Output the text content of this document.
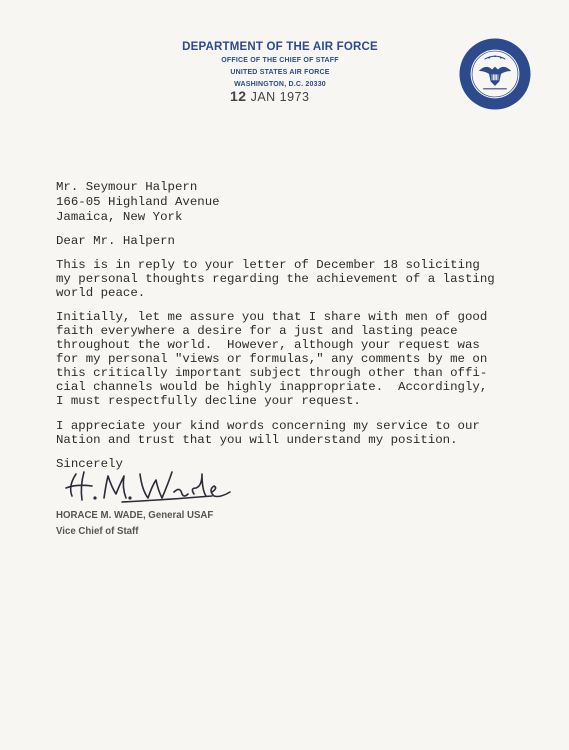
DEPARTMENT OF THE AIR FORCE
OFFICE OF THE CHIEF OF STAFF
UNITED STATES AIR FORCE
WASHINGTON, D.C. 20330
12 JAN 1973
Mr. Seymour Halpern
166-05 Highland Avenue
Jamaica, New York
Dear Mr. Halpern
This is in reply to your letter of December 18 soliciting
my personal thoughts regarding the achievement of a lasting
world peace.
Initially, let me assure you that I share with men of good
faith everywhere a desire for a just and lasting peace
throughout the world.  However, although your request was
for my personal "views or formulas," any comments by me on
this critically important subject through other than offi-
cial channels would be highly inappropriate.  Accordingly,
I must respectfully decline your request.
I appreciate your kind words concerning my service to our
Nation and trust that you will understand my position.
Sincerely
HORACE M. WADE, General USAF
Vice Chief of Staff
